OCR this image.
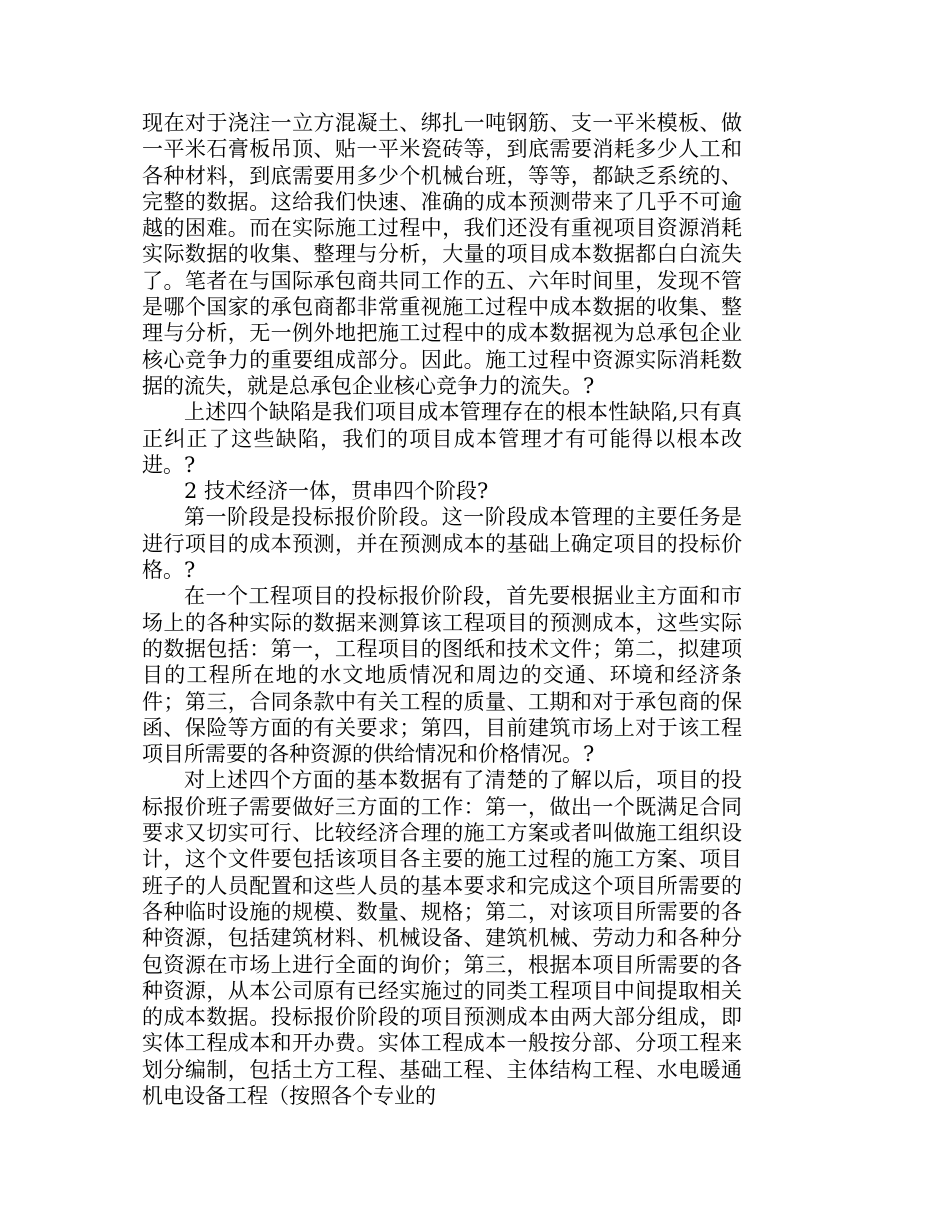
现在对于浇注一立方混凝土、绑扎一吨钢筋、支一平米模板、做一平米石膏板吊顶、贴一平米瓷砖等，到底需要消耗多少人工和各种材料，到底需要用多少个机械台班，等等，都缺乏系统的、完整的数据。这给我们快速、准确的成本预测带来了几乎不可逾越的困难。而在实际施工过程中，我们还没有重视项目资源消耗实际数据的收集、整理与分析，大量的项目成本数据都白白流失了。笔者在与国际承包商共同工作的五、六年时间里，发现不管是哪个国家的承包商都非常重视施工过程中成本数据的收集、整理与分析，无一例外地把施工过程中的成本数据视为总承包企业核心竞争力的重要组成部分。因此。施工过程中资源实际消耗数据的流失，就是总承包企业核心竞争力的流失。?

上述四个缺陷是我们项目成本管理存在的根本性缺陷,只有真正纠正了这些缺陷，我们的项目成本管理才有可能得以根本改进。?

2 技术经济一体，贯串四个阶段?

第一阶段是投标报价阶段。这一阶段成本管理的主要任务是进行项目的成本预测，并在预测成本的基础上确定项目的投标价格。?

在一个工程项目的投标报价阶段，首先要根据业主方面和市场上的各种实际的数据来测算该工程项目的预测成本，这些实际的数据包括：第一，工程项目的图纸和技术文件；第二，拟建项目的工程所在地的水文地质情况和周边的交通、环境和经济条件；第三，合同条款中有关工程的质量、工期和对于承包商的保函、保险等方面的有关要求；第四，目前建筑市场上对于该工程项目所需要的各种资源的供给情况和价格情况。?

对上述四个方面的基本数据有了清楚的了解以后，项目的投标报价班子需要做好三方面的工作：第一，做出一个既满足合同要求又切实可行、比较经济合理的施工方案或者叫做施工组织设计，这个文件要包括该项目各主要的施工过程的施工方案、项目班子的人员配置和这些人员的基本要求和完成这个项目所需要的各种临时设施的规模、数量、规格；第二，对该项目所需要的各种资源，包括建筑材料、机械设备、建筑机械、劳动力和各种分包资源在市场上进行全面的询价；第三，根据本项目所需要的各种资源，从本公司原有已经实施过的同类工程项目中间提取相关的成本数据。投标报价阶段的项目预测成本由两大部分组成，即实体工程成本和开办费。实体工程成本一般按分部、分项工程来划分编制，包括土方工程、基础工程、主体结构工程、水电暖通机电设备工程（按照各个专业的
